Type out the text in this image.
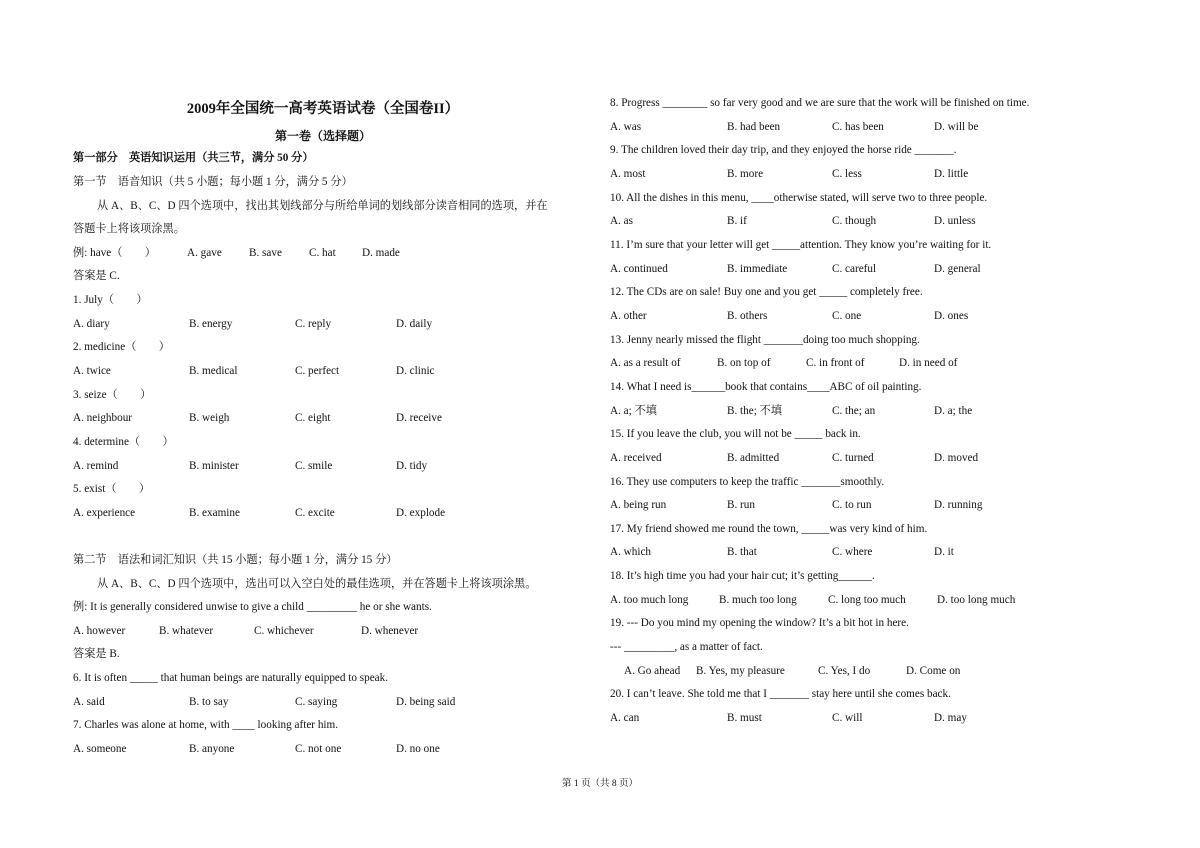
2009年全国统一高考英语试卷（全国卷II）
第一卷（选择题）
第一部分　英语知识运用（共三节，满分 50 分）
第一节　语音知识（共 5 小题；每小题 1 分，满分 5 分）
从 A、B、C、D 四个选项中，找出其划线部分与所给单词的划线部分读音相同的选项，并在
答题卡上将该项涂黑。
例: have（　　）	A. gave B. save C. hat D. made
答案是 C.
1. July（　　）
A. diary	B. energy	C. reply	D. daily
2. medicine（　　）
A. twice	B. medical	C. perfect	D. clinic
3. seize（　　）
A. neighbour	B. weigh	C. eight	D. receive
4. determine（　　）
A. remind	B. minister	C. smile	D. tidy
5. exist（　　）
A. experience	B. examine	C. excite	D. explode
第二节　语法和词汇知识（共 15 小题；每小题 1 分，满分 15 分）
从 A、B、C、D 四个选项中，选出可以入空白处的最佳选项，并在答题卡上将该项涂黑。
例: It is generally considered unwise to give a child _________ he or she wants.
A. however	B. whatever	C. whichever	D. whenever
答案是 B.
6. It is often _____ that human beings are naturally equipped to speak.
A. said	B. to say	C. saying	D. being said
7. Charles was alone at home, with ____ looking after him.
A. someone	B. anyone	C. not one	D. no one
8. Progress ________ so far very good and we are sure that the work will be finished on time.
A. was	B. had been	C. has been	D. will be
9. The children loved their day trip, and they enjoyed the horse ride _______.
A. most	B. more	C. less	D. little
10. All the dishes in this menu, ____otherwise stated, will serve two to three people.
A. as	B. if	C. though	D. unless
11. I’m sure that your letter will get _____attention. They know you’re waiting for it.
A. continued	B. immediate	C. careful	D. general
12. The CDs are on sale! Buy one and you get _____ completely free.
A. other	B. others	C. one	D. ones
13. Jenny nearly missed the flight _______doing too much shopping.
A. as a result of	B. on top of	C. in front of	D. in need of
14. What I need is______book that contains____ABC of oil painting.
A. a; 不填	B. the; 不填	C. the; an	D. a; the
15. If you leave the club, you will not be _____ back in.
A. received	B. admitted	C. turned	D. moved
16. They use computers to keep the traffic _______smoothly.
A. being run	B. run	C. to run	D. running
17. My friend showed me round the town, _____was very kind of him.
A. which	B. that	C. where	D. it
18. It’s high time you had your hair cut; it’s getting______.
A. too much long	B. much too long	C. long too much	D. too long much
19. --- Do you mind my opening the window? It’s a bit hot in here.
--- _________, as a matter of fact.
A. Go ahead B. Yes, my pleasure	C. Yes, I do	D. Come on
20. I can’t leave. She told me that I _______ stay here until she comes back.
A. can	B. must	C. will	D. may
第 1 页（共 8 页）
